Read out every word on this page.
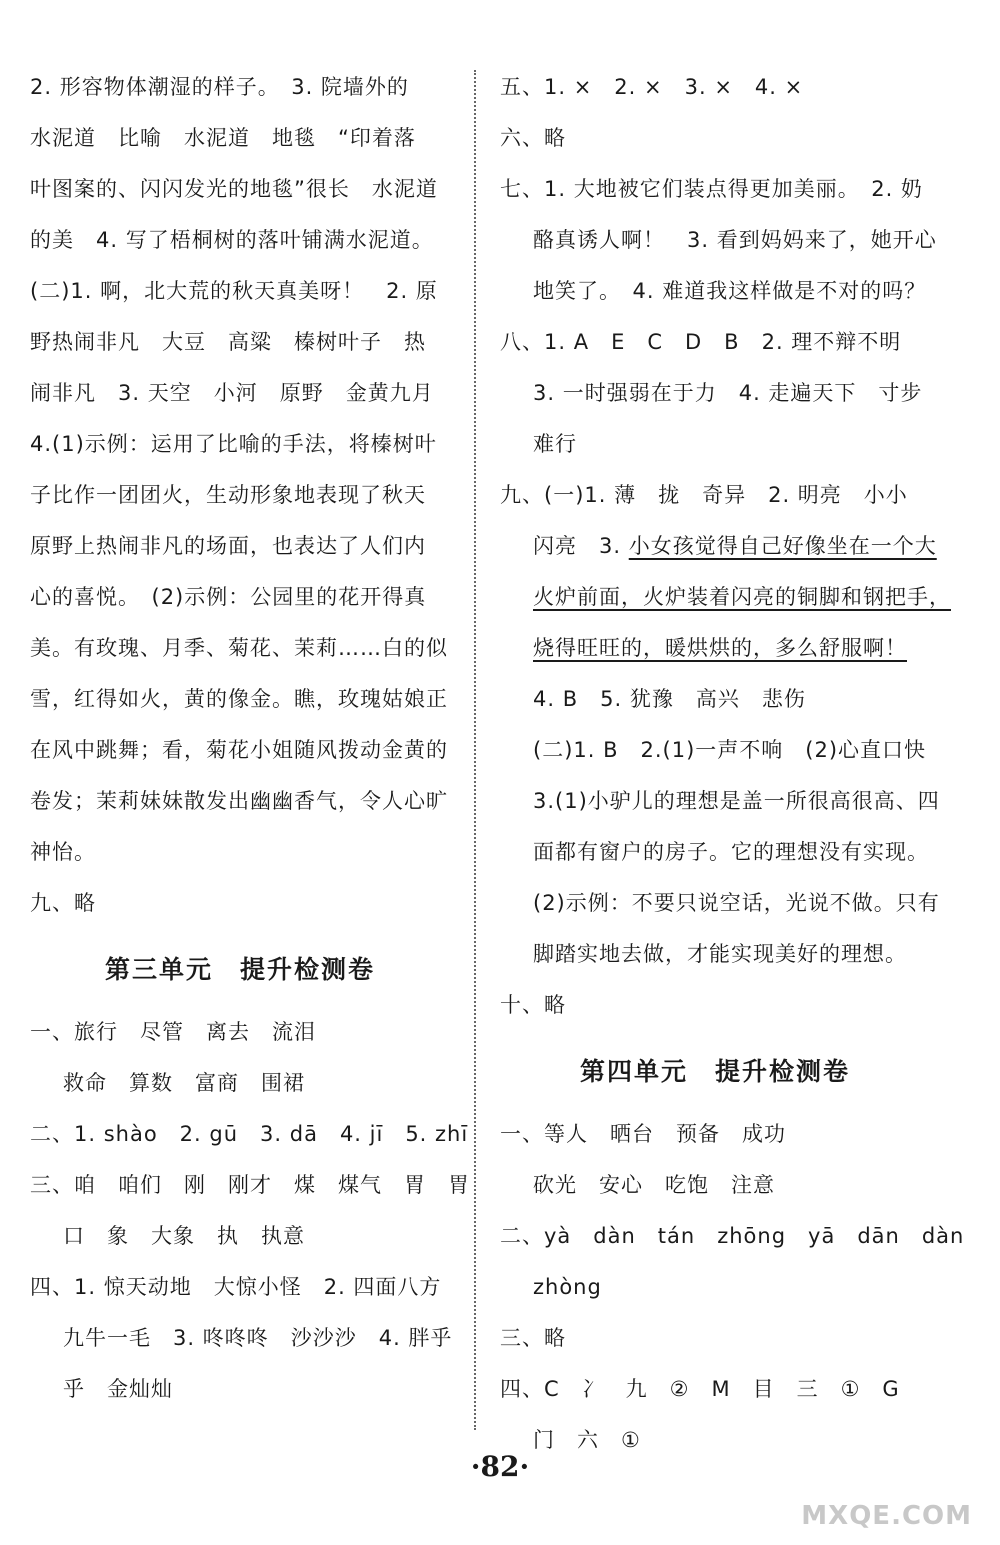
2. 形容物体潮湿的样子。　3. 院墙外的
水泥道　比喻　水泥道　地毯　“印着落
叶图案的、闪闪发光的地毯”很长　水泥道
的美　4. 写了梧桐树的落叶铺满水泥道。
(二)1. 啊，北大荒的秋天真美呀！　2. 原
野热闹非凡　大豆　高粱　榛树叶子　热
闹非凡　3. 天空　小河　原野　金黄九月
4.(1)示例：运用了比喻的手法，将榛树叶
子比作一团团火，生动形象地表现了秋天
原野上热闹非凡的场面，也表达了人们内
心的喜悦。　(2)示例：公园里的花开得真
美。有玫瑰、月季、菊花、茉莉……白的似
雪，红得如火，黄的像金。瞧，玫瑰姑娘正
在风中跳舞；看，菊花小姐随风拨动金黄的
卷发；茉莉妹妹散发出幽幽香气，令人心旷
神怡。
九、略
第三单元　提升检测卷
一、旅行　尽管　离去　流泪
救命　算数　富商　围裙
二、1. shào　2. gū　3. dā　4. jī　5. zhī
三、咱　咱们　刚　刚才　煤　煤气　胃　胃
口　象　大象　执　执意
四、1. 惊天动地　大惊小怪　2. 四面八方
九牛一毛　3. 咚咚咚　沙沙沙　4. 胖乎
乎　金灿灿
五、1. ×　2. ×　3. ×　4. ×
六、略
七、1. 大地被它们装点得更加美丽。　2. 奶
酪真诱人啊！　3. 看到妈妈来了，她开心
地笑了。　4. 难道我这样做是不对的吗？
八、1. A　E　C　D　B　2. 理不辩不明
3. 一时强弱在于力　4. 走遍天下　寸步
难行
九、(一)1. 薄　拢　奇异　2. 明亮　小小
闪亮　3. 小女孩觉得自己好像坐在一个大
火炉前面，火炉装着闪亮的铜脚和钢把手，
烧得旺旺的，暖烘烘的，多么舒服啊！
4. B　5. 犹豫　高兴　悲伤
(二)1. B　2.(1)一声不响　(2)心直口快
3.(1)小驴儿的理想是盖一所很高很高、四
面都有窗户的房子。它的理想没有实现。
(2)示例：不要只说空话，光说不做。只有
脚踏实地去做，才能实现美好的理想。
十、略
第四单元　提升检测卷
一、等人　晒台　预备　成功
砍光　安心　吃饱　注意
二、yà　dàn　tán　zhōng　yā　dān　dàn
zhòng
三、略
四、C　冫　九　②　M　目　三　①　G
门　六　①
·82·
MXQE.COM
